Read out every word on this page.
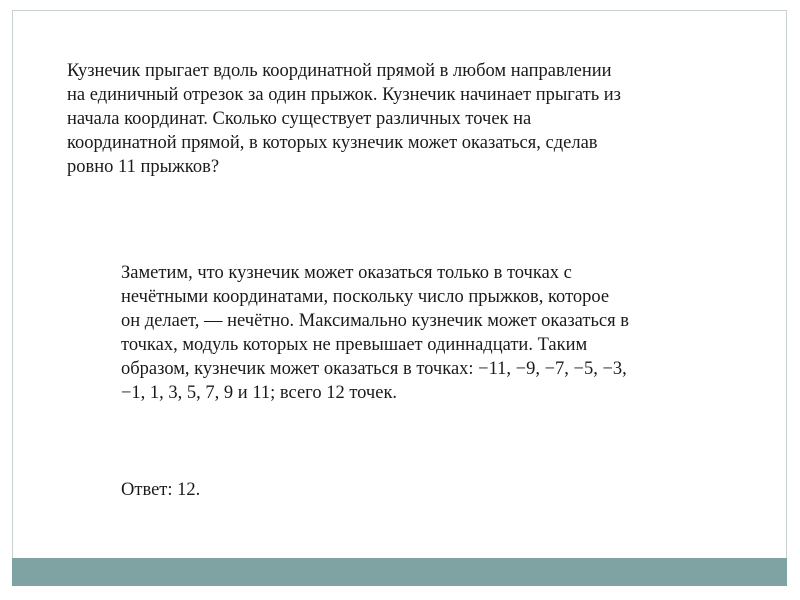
Кузнечик прыгает вдоль координатной прямой в любом направлении
на единичный отрезок за один прыжок. Кузнечик начинает прыгать из
начала координат. Сколько существует различных точек на
координатной прямой, в которых кузнечик может оказаться, сделав
ровно 11 прыжков?

Заметим, что кузнечик может оказаться только в точках с
нечётными координатами, поскольку число прыжков, которое
он делает, — нечётно. Максимально кузнечик может оказаться в
точках, модуль которых не превышает одиннадцати. Таким
образом, кузнечик может оказаться в точках: −11, −9, −7, −5, −3,
−1, 1, 3, 5, 7, 9 и 11; всего 12 точек.

Ответ: 12.
